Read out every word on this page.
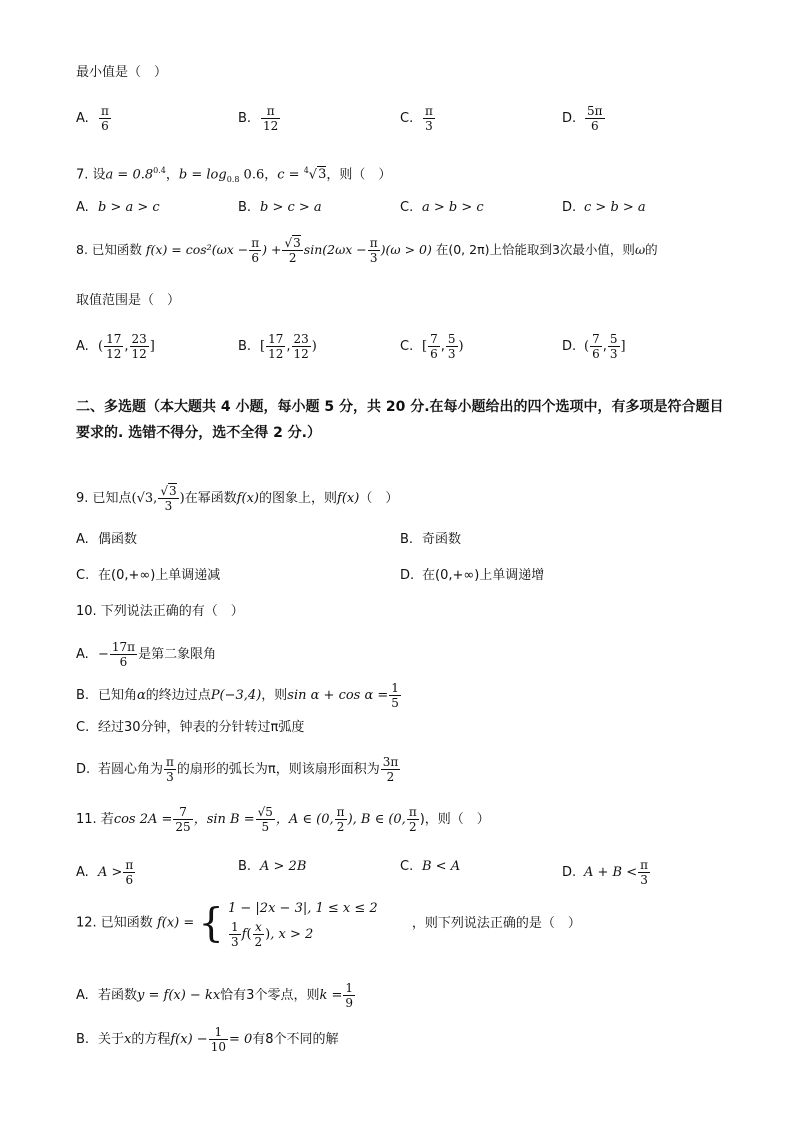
最小值是（　）
A. $\frac{\pi}{6}$	B. $\frac{\pi}{12}$	C. $\frac{\pi}{3}$	D. $\frac{5\pi}{6}$
7. 设$a = 0.8^{0.4}$，$b = \log_{0.8} 0.6$，c = $^4$√3，则（　）
A. b > a > c	B. b > c > a	C. a > b > c	D. c > b > a
8. 已知函数 $f(x) = \cos^2(\omega x - \frac{\pi}{6}$ ) + $\frac{√3}{2} \sin(2\omega x - \frac{\pi}{3} )(\omega > 0)$ 在(0, 2π)上恰能取到3次最小值，则ω的
取值范围是（　）
A. ( $\frac{17}{12}$ , $\frac{23}{12}$ ]	B. [ $\frac{17}{12}$ , $\frac{23}{12}$ )	C. [ $\frac{7}{6}$ , $\frac{5}{3}$ )	D. ( $\frac{7}{6}$ , $\frac{5}{3}$ ]
二、多选题（本大题共 4 小题，每小题 5 分，共 20 分.在每小题给出的四个选项中，有多项是符合题目要求的. 选错不得分，选不全得 2 分.）
9. 已知点(√3, $\frac{√3}{3}$ )在幂函数f(x)的图象上，则f(x)（　）
A. 偶函数	B. 奇函数
C. 在(0,+∞)上单调递减	D. 在(0,+∞)上单调递增
10. 下列说法正确的有（　）
A. − $\frac{17\pi}{6}$ 是第二象限角
B. 已知角α的终边过点P(−3,4)，则$\sin \alpha + \cos \alpha = \frac{1}{5}$
C. 经过30分钟，钟表的分针转过π弧度
D. 若圆心角为 $\frac{\pi}{3}$ 的扇形的弧长为π，则该扇形面积为 $\frac{3\pi}{2}$
11. 若$\cos 2A = \frac{7}{25}$ ，$\sin B = \frac{√5}{5}$ ，A ∈ (0, $\frac{\pi}{2}$ ), B ∈ (0, $\frac{\pi}{2}$ )，则（　）
A. $A > \frac{\pi}{6}$	B. A > 2B	C. B < A	D. $A + B < \frac{\pi}{3}$
12. 已知函数 f(x) = { 1 − |2x − 3|, 1 ≤ x ≤ 2
$\frac{1}{3} f( \frac{x}{2}$ ), x > 2
，则下列说法正确的是（　）
A. 若函数y = f(x) − kx恰有3个零点，则$k = \frac{1}{9}$
B. 关于x的方程$f(x) - \frac{1}{10} = 0$有8个不同的解
